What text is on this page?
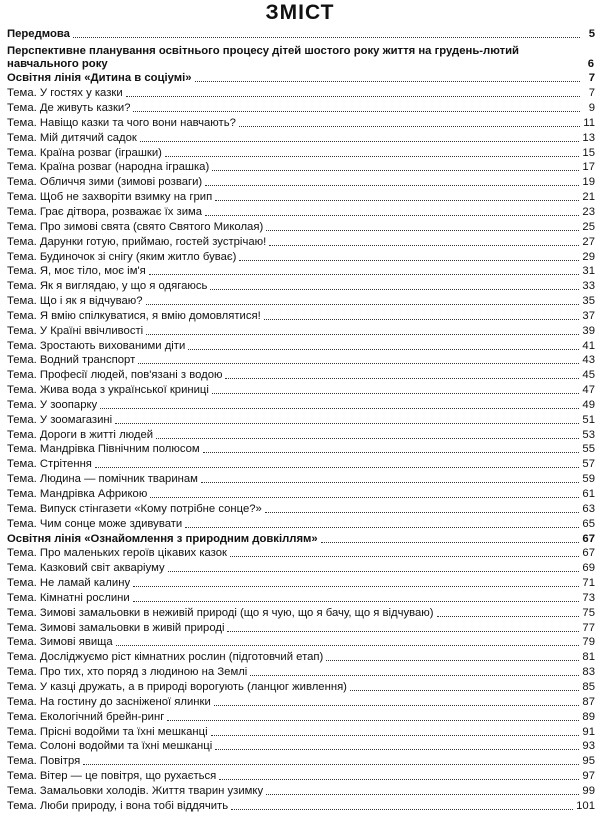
ЗМІСТ
Передмова	5
Перспективне планування освітнього процесу дітей шостого року життя на грудень-лютий навчального року	6
Освітня лінія «Дитина в соціумі»	7
Тема. У гостях у казки	7
Тема. Де живуть казки?	9
Тема. Навіщо казки та чого вони навчають?	11
Тема. Мій дитячий садок	13
Тема. Країна розваг (іграшки)	15
Тема. Країна розваг (народна іграшка)	17
Тема. Обличчя зими (зимові розваги)	19
Тема. Щоб не захворіти взимку на грип	21
Тема. Грає дітвора, розважає їх зима	23
Тема. Про зимові свята (свято Святого Миколая)	25
Тема. Дарунки готую, приймаю, гостей зустрічаю!	27
Тема. Будиночок зі снігу (яким житло буває)	29
Тема. Я, моє тіло, моє ім'я	31
Тема. Як я виглядаю, у що я одягаюсь	33
Тема. Що і як я відчуваю?	35
Тема. Я вмію спілкуватися, я вмію домовлятися!	37
Тема. У Країні ввічливості	39
Тема. Зростають вихованими діти	41
Тема. Водний транспорт	43
Тема. Професії людей, пов'язані з водою	45
Тема. Жива вода з української криниці	47
Тема. У зоопарку	49
Тема. У зоомагазині	51
Тема. Дороги в житті людей	53
Тема. Мандрівка Північним полюсом	55
Тема. Стрітення	57
Тема. Людина — помічник тваринам	59
Тема. Мандрівка Африкою	61
Тема. Випуск стінгазети «Кому потрібне сонце?»	63
Тема. Чим сонце може здивувати	65
Освітня лінія «Ознайомлення з природним довкіллям»	67
Тема. Про маленьких героїв цікавих казок	67
Тема. Казковий світ акваріуму	69
Тема. Не ламай калину	71
Тема. Кімнатні рослини	73
Тема. Зимові замальовки в неживій природі (що я чую, що я бачу, що я відчуваю)	75
Тема. Зимові замальовки в живій природі	77
Тема. Зимові явища	79
Тема. Досліджуємо ріст кімнатних рослин (підготовчий етап)	81
Тема. Про тих, хто поряд з людиною на Землі	83
Тема. У казці дружать, а в природі ворогують (ланцюг живлення)	85
Тема. На гостину до засніженої ялинки	87
Тема. Екологічний брейн-ринг	89
Тема. Прісні водойми та їхні мешканці	91
Тема. Солоні водойми та їхні мешканці	93
Тема. Повітря	95
Тема. Вітер — це повітря, що рухається	97
Тема. Замальовки холодів. Життя тварин узимку	99
Тема. Люби природу, і вона тобі віддячить	101
